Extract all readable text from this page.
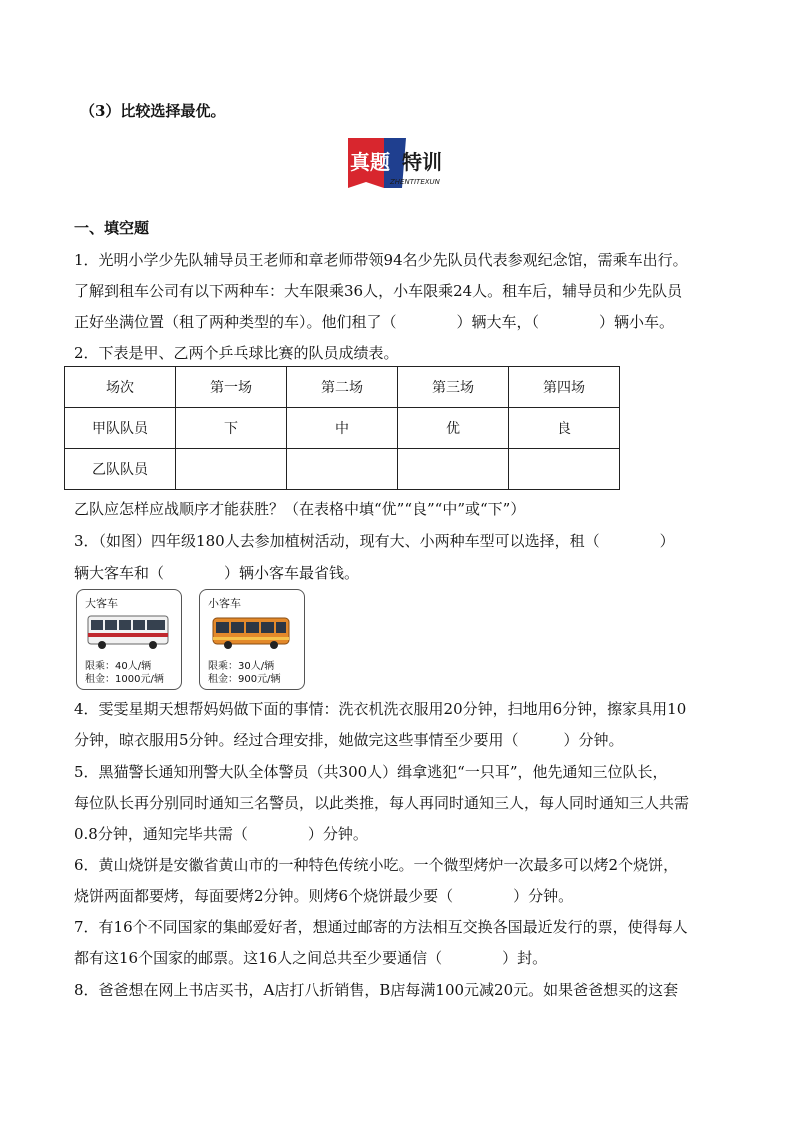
（3）比较选择最优。
真题 特训
ZHENTITEXUN
一、填空题
1．光明小学少先队辅导员王老师和章老师带领94名少先队员代表参观纪念馆，需乘车出行。
了解到租车公司有以下两种车：大车限乘36人，小车限乘24人。租车后，辅导员和少先队员
正好坐满位置（租了两种类型的车）。他们租了（　　　　）辆大车，（　　　　）辆小车。
2．下表是甲、乙两个乒乓球比赛的队员成绩表。
场次	第一场	第二场	第三场	第四场
甲队队员	下	中	优	良
乙队队员				
乙队应怎样应战顺序才能获胜？（在表格中填“优”“良”“中”或“下”）
3．（如图）四年级180人去参加植树活动，现有大、小两种车型可以选择，租（　　　　）
辆大客车和（　　　　）辆小客车最省钱。
大客车
限乘：40人/辆
租金：1000元/辆
小客车
限乘：30人/辆
租金：900元/辆
4．雯雯星期天想帮妈妈做下面的事情：洗衣机洗衣服用20分钟，扫地用6分钟，擦家具用10
分钟，晾衣服用5分钟。经过合理安排，她做完这些事情至少要用（　　　）分钟。
5．黑猫警长通知刑警大队全体警员（共300人）缉拿逃犯“一只耳”，他先通知三位队长，
每位队长再分别同时通知三名警员，以此类推，每人再同时通知三人，每人同时通知三人共需
0.8分钟，通知完毕共需（　　　　）分钟。
6．黄山烧饼是安徽省黄山市的一种特色传统小吃。一个微型烤炉一次最多可以烤2个烧饼，
烧饼两面都要烤，每面要烤2分钟。则烤6个烧饼最少要（　　　　）分钟。
7．有16个不同国家的集邮爱好者，想通过邮寄的方法相互交换各国最近发行的票，使得每人
都有这16个国家的邮票。这16人之间总共至少要通信（　　　　）封。
8．爸爸想在网上书店买书，A店打八折销售，B店每满100元减20元。如果爸爸想买的这套
